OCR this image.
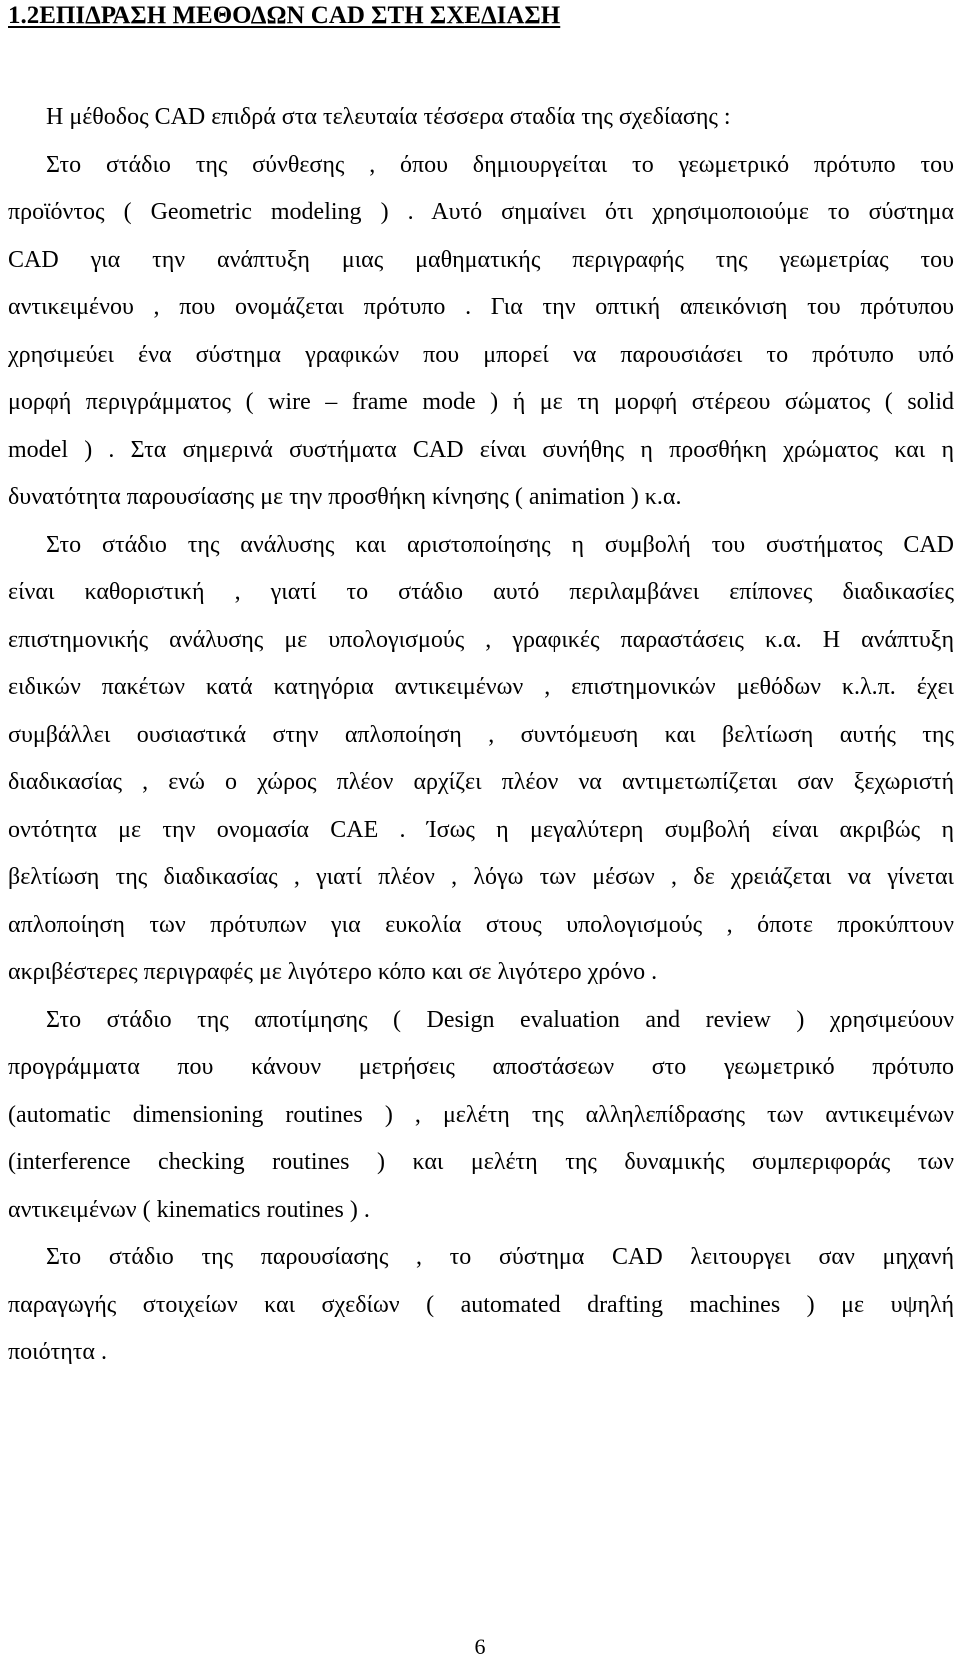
1.2ΕΠΙΔΡΑΣΗ ΜΕΘΟΔΩΝ CAD ΣΤΗ ΣΧΕΔΙΑΣΗ
Η μέθοδος CAD επιδρά στα τελευταία τέσσερα σταδία της σχεδίασης :
Στο στάδιο της σύνθεσης , όπου δημιουργείται το γεωμετρικό πρότυπο του
προϊόντος ( Geometric modeling ) . Αυτό σημαίνει ότι χρησιμοποιούμε το σύστημα
CAD για την ανάπτυξη μιας μαθηματικής περιγραφής της γεωμετρίας του
αντικειμένου , που ονομάζεται πρότυπο . Για την οπτική απεικόνιση του πρότυπου
χρησιμεύει ένα σύστημα γραφικών που μπορεί να παρουσιάσει το πρότυπο υπό
μορφή περιγράμματος ( wire – frame mode ) ή με τη μορφή στέρεου σώματος ( solid
model ) . Στα σημερινά συστήματα CAD είναι συνήθης η προσθήκη χρώματος και η
δυνατότητα παρουσίασης με την προσθήκη κίνησης ( animation ) κ.α.
Στο στάδιο της ανάλυσης και αριστοποίησης η συμβολή του συστήματος CAD
είναι καθοριστική , γιατί το στάδιο αυτό περιλαμβάνει επίπονες διαδικασίες
επιστημονικής ανάλυσης με υπολογισμούς , γραφικές παραστάσεις κ.α. Η ανάπτυξη
ειδικών πακέτων κατά κατηγόρια αντικειμένων , επιστημονικών μεθόδων κ.λ.π. έχει
συμβάλλει ουσιαστικά στην απλοποίηση , συντόμευση και βελτίωση αυτής της
διαδικασίας , ενώ ο χώρος πλέον αρχίζει πλέον να αντιμετωπίζεται σαν ξεχωριστή
οντότητα με την ονομασία CAE . Ίσως η μεγαλύτερη συμβολή είναι ακριβώς η
βελτίωση της διαδικασίας , γιατί πλέον , λόγω των μέσων , δε χρειάζεται να γίνεται
απλοποίηση των πρότυπων για ευκολία στους υπολογισμούς , όποτε προκύπτουν
ακριβέστερες περιγραφές με λιγότερο κόπο και σε λιγότερο χρόνο .
Στο στάδιο της αποτίμησης ( Design evaluation and review ) χρησιμεύουν
προγράμματα που κάνουν μετρήσεις αποστάσεων στο γεωμετρικό πρότυπο
(automatic dimensioning routines ) , μελέτη της αλληλεπίδρασης των αντικειμένων
(interference checking routines ) και μελέτη της δυναμικής συμπεριφοράς των
αντικειμένων ( kinematics routines ) .
Στο στάδιο της παρουσίασης , το σύστημα CAD λειτουργει σαν μηχανή
παραγωγής στοιχείων και σχεδίων ( automated drafting machines ) με υψηλή
ποιότητα .
6
